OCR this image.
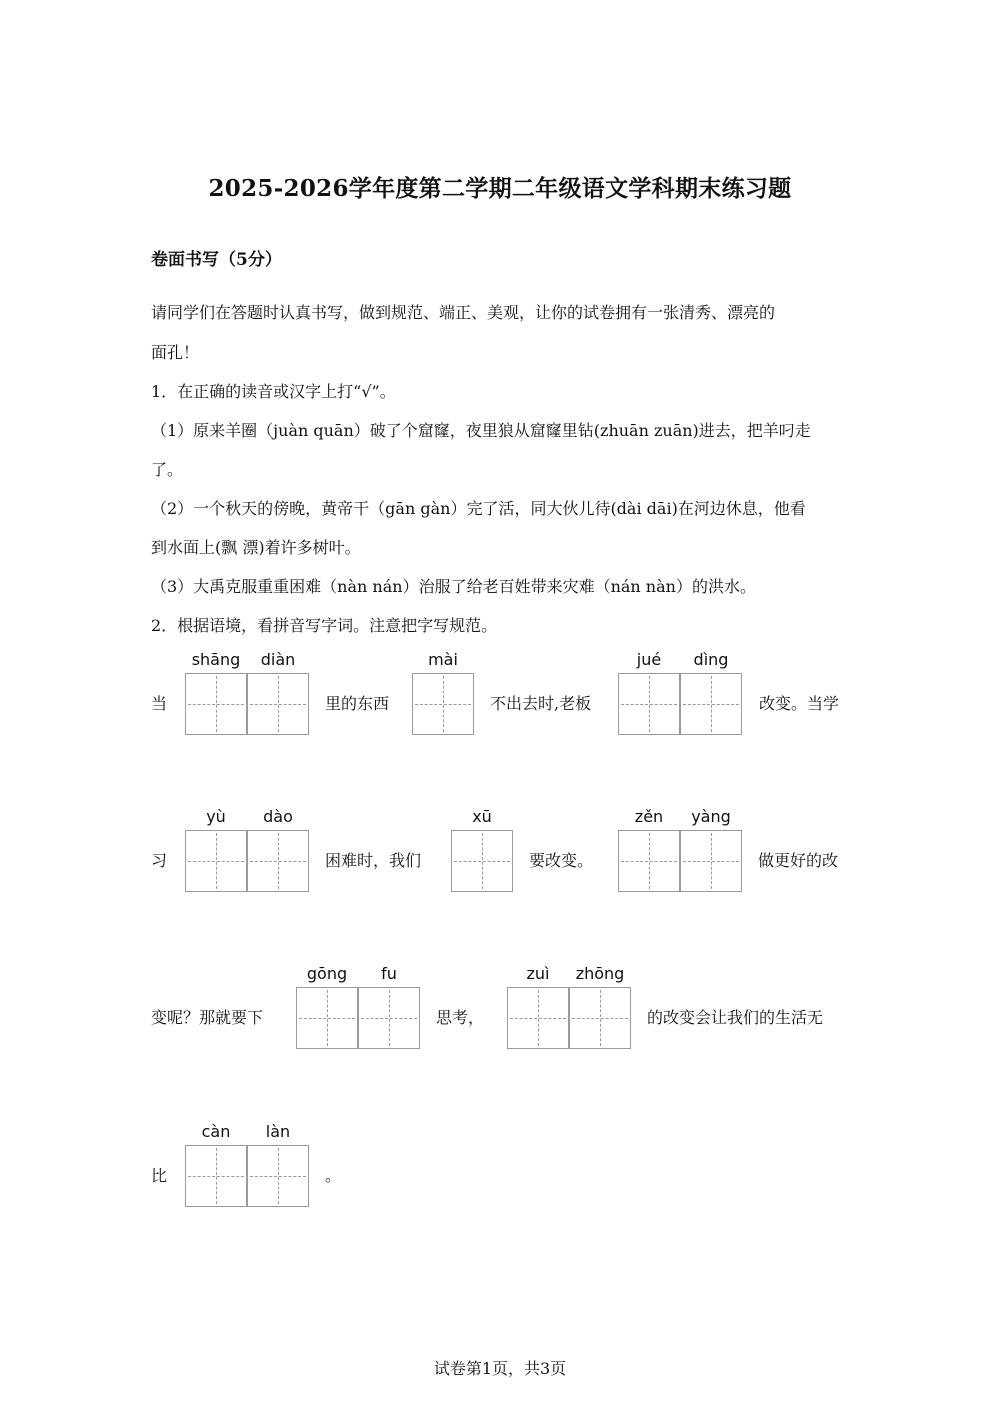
2025-2026学年度第二学期二年级语文学科期末练习题
卷面书写（5分）
请同学们在答题时认真书写，做到规范、端正、美观，让你的试卷拥有一张清秀、漂亮的
面孔！
1．在正确的读音或汉字上打“√”。
（1）原来羊圈（juàn quān）破了个窟窿，夜里狼从窟窿里钻(zhuān zuān)进去，把羊叼走
了。
（2）一个秋天的傍晚，黄帝干（gān gàn）完了活，同大伙儿待(dài dāi)在河边休息，他看
到水面上(飘 漂)着许多树叶。
（3）大禹克服重重困难（nàn nán）治服了给老百姓带来灾难（nán nàn）的洪水。
2．根据语境，看拼音写字词。注意把字写规范。
shāng	diàn	mài	jué	dìng
当	里的东西	不出去时,老板	改变。当学
yù	dào	xū	zěn	yàng
习	困难时，我们	要改变。	做更好的改
gōng	fu	zuì	zhōng
变呢？那就要下	思考，	的改变会让我们的生活无
càn	làn
比	。
试卷第1页，共3页
